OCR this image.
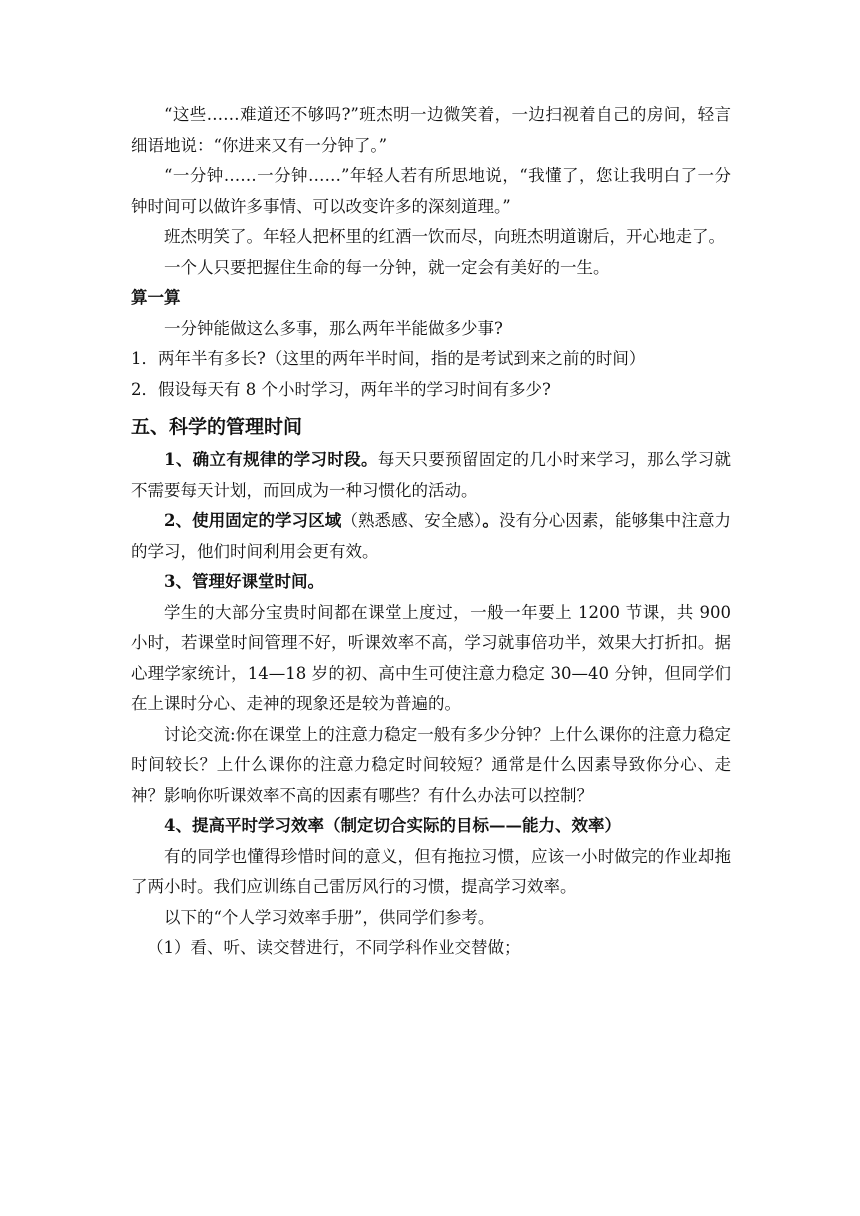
“这些……难道还不够吗?”班杰明一边微笑着，一边扫视着自己的房间，轻言细语地说：“你进来又有一分钟了。”

“一分钟……一分钟……”年轻人若有所思地说，“我懂了，您让我明白了一分钟时间可以做许多事情、可以改变许多的深刻道理。”

班杰明笑了。年轻人把杯里的红酒一饮而尽，向班杰明道谢后，开心地走了。

一个人只要把握住生命的每一分钟，就一定会有美好的一生。

算一算

一分钟能做这么多事，那么两年半能做多少事?

1．两年半有多长?（这里的两年半时间，指的是考试到来之前的时间）

2．假设每天有 8 个小时学习，两年半的学习时间有多少?

五、科学的管理时间

1、确立有规律的学习时段。每天只要预留固定的几小时来学习，那么学习就不需要每天计划，而回成为一种习惯化的活动。

2、使用固定的学习区域（熟悉感、安全感）。没有分心因素，能够集中注意力的学习，他们时间利用会更有效。

3、管理好课堂时间。

学生的大部分宝贵时间都在课堂上度过，一般一年要上 1200 节课，共 900 小时，若课堂时间管理不好，听课效率不高，学习就事倍功半，效果大打折扣。据心理学家统计，14—18 岁的初、高中生可使注意力稳定 30—40 分钟，但同学们在上课时分心、走神的现象还是较为普遍的。

讨论交流:你在课堂上的注意力稳定一般有多少分钟？上什么课你的注意力稳定时间较长？上什么课你的注意力稳定时间较短？通常是什么因素导致你分心、走神？影响你听课效率不高的因素有哪些？有什么办法可以控制？

4、提高平时学习效率（制定切合实际的目标——能力、效率）

有的同学也懂得珍惜时间的意义，但有拖拉习惯，应该一小时做完的作业却拖了两小时。我们应训练自己雷厉风行的习惯，提高学习效率。

以下的“个人学习效率手册”，供同学们参考。

（1）看、听、读交替进行，不同学科作业交替做；
